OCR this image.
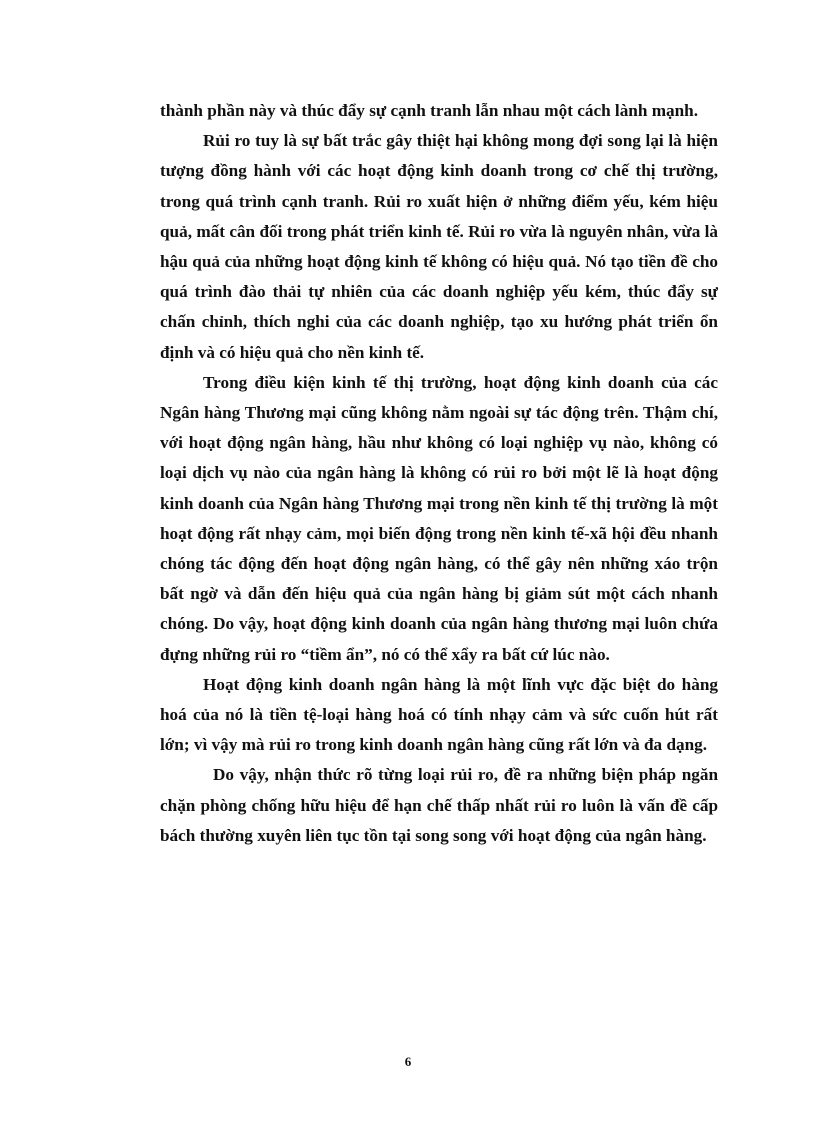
thành phần này và thúc đẩy sự cạnh tranh lẫn nhau một cách lành mạnh.

Rủi ro tuy là sự bất trắc gây thiệt hại không mong đợi song lại là hiện tượng đồng hành với các hoạt động kinh doanh trong cơ chế thị trường, trong quá trình cạnh tranh. Rủi ro xuất hiện ở những điểm yếu, kém hiệu quả, mất cân đối trong phát triển kinh tế. Rủi ro vừa là nguyên nhân, vừa là hậu quả của những hoạt động kinh tế không có hiệu quả. Nó tạo tiền đề cho quá trình đào thải tự nhiên của các doanh nghiệp yếu kém, thúc đẩy sự chấn chỉnh, thích nghi của các doanh nghiệp, tạo xu hướng phát triển ổn định và có hiệu quả cho nền kinh tế.

Trong điều kiện kinh tế thị trường, hoạt động kinh doanh của các Ngân hàng Thương mại cũng không nằm ngoài sự tác động trên. Thậm chí, với hoạt động ngân hàng, hầu như không có loại nghiệp vụ nào, không có loại dịch vụ nào của ngân hàng là không có rủi ro bởi một lẽ là hoạt động kinh doanh của Ngân hàng Thương mại trong nền kinh tế thị trường là một hoạt động rất nhạy cảm, mọi biến động trong nền kinh tế-xã hội đều nhanh chóng tác động đến hoạt động ngân hàng, có thể gây nên những xáo trộn bất ngờ và dẫn đến hiệu quả của ngân hàng bị giảm sút một cách nhanh chóng. Do vậy, hoạt động kinh doanh của ngân hàng thương mại luôn chứa đựng những rủi ro “tiềm ẩn”, nó có thể xẩy ra bất cứ lúc nào.

Hoạt động kinh doanh ngân hàng là một lĩnh vực đặc biệt do hàng hoá của nó là tiền tệ-loại hàng hoá có tính nhạy cảm và sức cuốn hút rất lớn; vì vậy mà rủi ro trong kinh doanh ngân hàng cũng rất lớn và đa dạng.

Do vậy, nhận thức rõ từng loại rủi ro, đề ra những biện pháp ngăn chặn phòng chống hữu hiệu để hạn chế thấp nhất rủi ro luôn là vấn đề cấp bách thường xuyên liên tục tồn tại song song với hoạt động của ngân hàng.

6
